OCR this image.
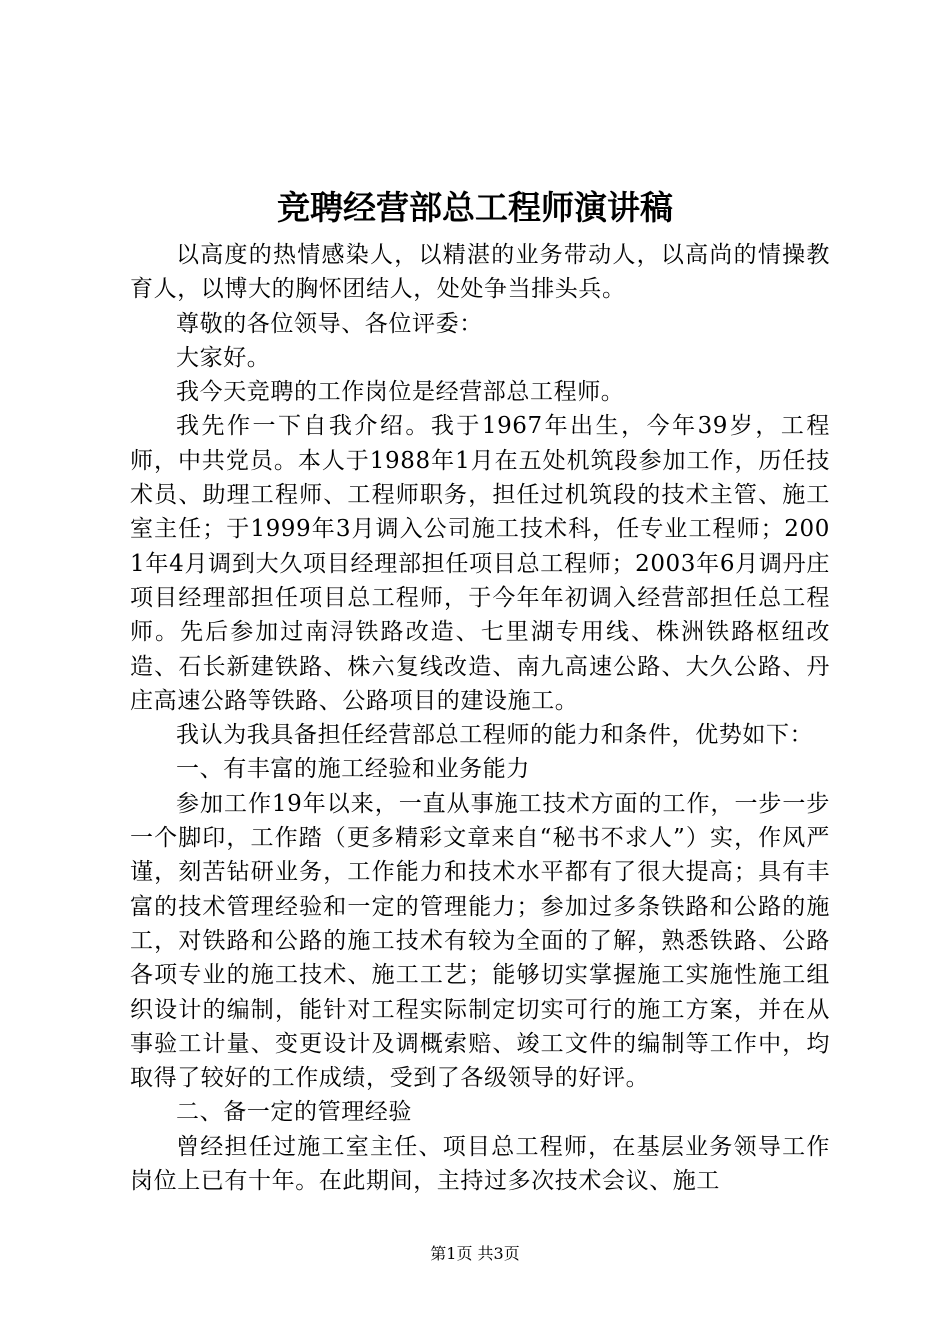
竞聘经营部总工程师演讲稿

以高度的热情感染人，以精湛的业务带动人，以高尚的情操教育人，以博大的胸怀团结人，处处争当排头兵。

尊敬的各位领导、各位评委：

大家好。

我今天竞聘的工作岗位是经营部总工程师。

我先作一下自我介绍。我于1967年出生，今年39岁，工程师，中共党员。本人于1988年1月在五处机筑段参加工作，历任技术员、助理工程师、工程师职务，担任过机筑段的技术主管、施工室主任；于1999年3月调入公司施工技术科，任专业工程师；2001年4月调到大久项目经理部担任项目总工程师；2003年6月调丹庄项目经理部担任项目总工程师，于今年年初调入经营部担任总工程师。先后参加过南浔铁路改造、七里湖专用线、株洲铁路枢纽改造、石长新建铁路、株六复线改造、南九高速公路、大久公路、丹庄高速公路等铁路、公路项目的建设施工。

我认为我具备担任经营部总工程师的能力和条件，优势如下：

一、有丰富的施工经验和业务能力

参加工作19年以来，一直从事施工技术方面的工作，一步一步一个脚印，工作踏（更多精彩文章来自“秘书不求人”）实，作风严谨，刻苦钻研业务，工作能力和技术水平都有了很大提高；具有丰富的技术管理经验和一定的管理能力；参加过多条铁路和公路的施工，对铁路和公路的施工技术有较为全面的了解，熟悉铁路、公路各项专业的施工技术、施工工艺；能够切实掌握施工实施性施工组织设计的编制，能针对工程实际制定切实可行的施工方案，并在从事验工计量、变更设计及调概索赔、竣工文件的编制等工作中，均取得了较好的工作成绩，受到了各级领导的好评。

二、备一定的管理经验

曾经担任过施工室主任、项目总工程师，在基层业务领导工作岗位上已有十年。在此期间，主持过多次技术会议、施工

第1页 共3页
